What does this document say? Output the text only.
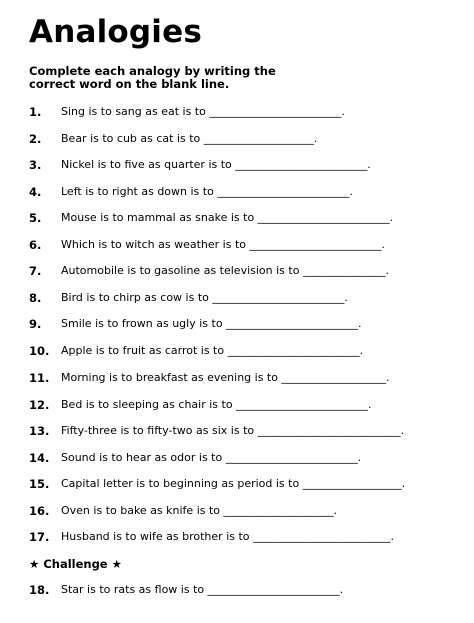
Analogies
Complete each analogy by writing the
correct word on the blank line.
1. Sing is to sang as eat is to ________________________.
2. Bear is to cub as cat is to ____________________.
3. Nickel is to five as quarter is to ________________________.
4. Left is to right as down is to ________________________.
5. Mouse is to mammal as snake is to ________________________.
6. Which is to witch as weather is to ________________________.
7. Automobile is to gasoline as television is to _______________.
8. Bird is to chirp as cow is to ________________________.
9. Smile is to frown as ugly is to ________________________.
10. Apple is to fruit as carrot is to ________________________.
11. Morning is to breakfast as evening is to ___________________.
12. Bed is to sleeping as chair is to ________________________.
13. Fifty-three is to fifty-two as six is to __________________________.
14. Sound is to hear as odor is to ________________________.
15. Capital letter is to beginning as period is to __________________.
16. Oven is to bake as knife is to ____________________.
17. Husband is to wife as brother is to _________________________.
★ Challenge ★
18. Star is to rats as flow is to ________________________.
